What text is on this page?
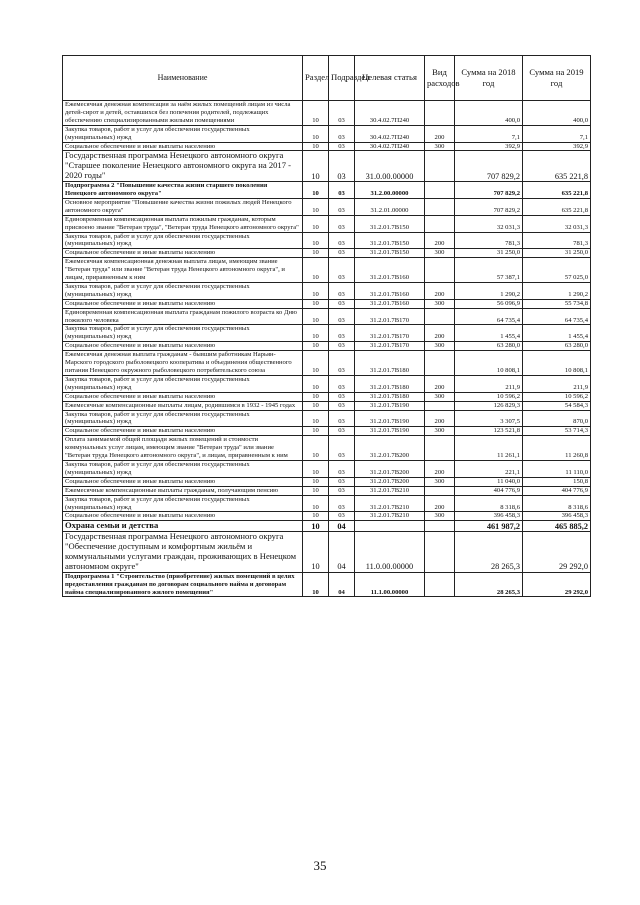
Наименование	Раздел	Подраздел	Целевая статья	Вид расходов	Сумма на 2018 год	Сумма на 2019 год
Ежемесячная денежная компенсация за наём жилых помещений лицам из числа детей-сирот и детей, оставшихся без попечения родителей, подлежащих обеспечению специализированными жилыми помещениями	10	03	30.4.02.7П240		400,0	400,0
Закупка товаров, работ и услуг для обеспечения государственных (муниципальных) нужд	10	03	30.4.02.7П240	200	7,1	7,1
Социальное обеспечение и иные выплаты населению	10	03	30.4.02.7П240	300	392,9	392,9
Государственная программа Ненецкого автономного округа "Старшее поколение Ненецкого автономного округа на 2017 - 2020 годы"	10	03	31.0.00.00000		707 829,2	635 221,8
Подпрограмма 2 "Повышение качества жизни старшего поколения Ненецкого автономного округа"	10	03	31.2.00.00000		707 829,2	635 221,8
Основное мероприятие "Повышение качества жизни пожилых людей Ненецкого автономного округа"	10	03	31.2.01.00000		707 829,2	635 221,8
Единовременная компенсационная выплата пожилым гражданам, которым присвоено звание "Ветеран труда", "Ветеран труда Ненецкого автономного округа"	10	03	31.2.01.7В150		32 031,3	32 031,3
Закупка товаров, работ и услуг для обеспечения государственных (муниципальных) нужд	10	03	31.2.01.7В150	200	781,3	781,3
Социальное обеспечение и иные выплаты населению	10	03	31.2.01.7В150	300	31 250,0	31 250,0
Ежемесячная компенсационная денежная выплата лицам, имеющим звание "Ветеран труда" или звание "Ветеран труда Ненецкого автономного округа", и лицам, приравненным к ним	10	03	31.2.01.7В160		57 387,1	57 025,0
Закупка товаров, работ и услуг для обеспечения государственных (муниципальных) нужд	10	03	31.2.01.7В160	200	1 290,2	1 290,2
Социальное обеспечение и иные выплаты населению	10	03	31.2.01.7В160	300	56 096,9	55 734,8
Единовременная компенсационная выплата гражданам пожилого возраста ко Дню пожилого человека	10	03	31.2.01.7В170		64 735,4	64 735,4
Закупка товаров, работ и услуг для обеспечения государственных (муниципальных) нужд	10	03	31.2.01.7В170	200	1 455,4	1 455,4
Социальное обеспечение и иные выплаты населению	10	03	31.2.01.7В170	300	63 280,0	63 280,0
Ежемесячная денежная выплата гражданам - бывшим работникам Нарьян-Марского городского рыболовецкого кооператива и объединения общественного питания Ненецкого окружного рыболовецкого потребительского союза	10	03	31.2.01.7В180		10 808,1	10 808,1
Закупка товаров, работ и услуг для обеспечения государственных (муниципальных) нужд	10	03	31.2.01.7В180	200	211,9	211,9
Социальное обеспечение и иные выплаты населению	10	03	31.2.01.7В180	300	10 596,2	10 596,2
Ежемесячные компенсационные выплаты лицам, родившимся в 1932 - 1945 годах	10	03	31.2.01.7В190		126 829,3	54 584,3
Закупка товаров, работ и услуг для обеспечения государственных (муниципальных) нужд	10	03	31.2.01.7В190	200	3 307,5	870,0
Социальное обеспечение и иные выплаты населению	10	03	31.2.01.7В190	300	123 521,8	53 714,3
Оплата занимаемой общей площади жилых помещений и стоимости коммунальных услуг лицам, имеющим звание "Ветеран труда" или звание "Ветеран труда Ненецкого автономного округа", и лицам, приравненным к ним	10	03	31.2.01.7В200		11 261,1	11 260,8
Закупка товаров, работ и услуг для обеспечения государственных (муниципальных) нужд	10	03	31.2.01.7В200	200	221,1	11 110,0
Социальное обеспечение и иные выплаты населению	10	03	31.2.01.7В200	300	11 040,0	150,8
Ежемесячные компенсационные выплаты гражданам, получающим пенсию	10	03	31.2.01.7В210		404 776,9	404 776,9
Закупка товаров, работ и услуг для обеспечения государственных (муниципальных) нужд	10	03	31.2.01.7В210	200	8 318,6	8 318,6
Социальное обеспечение и иные выплаты населению	10	03	31.2.01.7В210	300	396 458,3	396 458,3
Охрана семьи и детства	10	04			461 987,2	465 885,2
Государственная программа Ненецкого автономного округа "Обеспечение доступным и комфортным жильём и коммунальными услугами граждан, проживающих в Ненецком автономном округе"	10	04	11.0.00.00000		28 265,3	29 292,0
Подпрограмма 1 "Строительство (приобретение) жилых помещений в целях предоставления гражданам по договорам социального найма и договорам найма специализированного жилого помещения"	10	04	11.1.00.00000		28 265,3	29 292,0
35
